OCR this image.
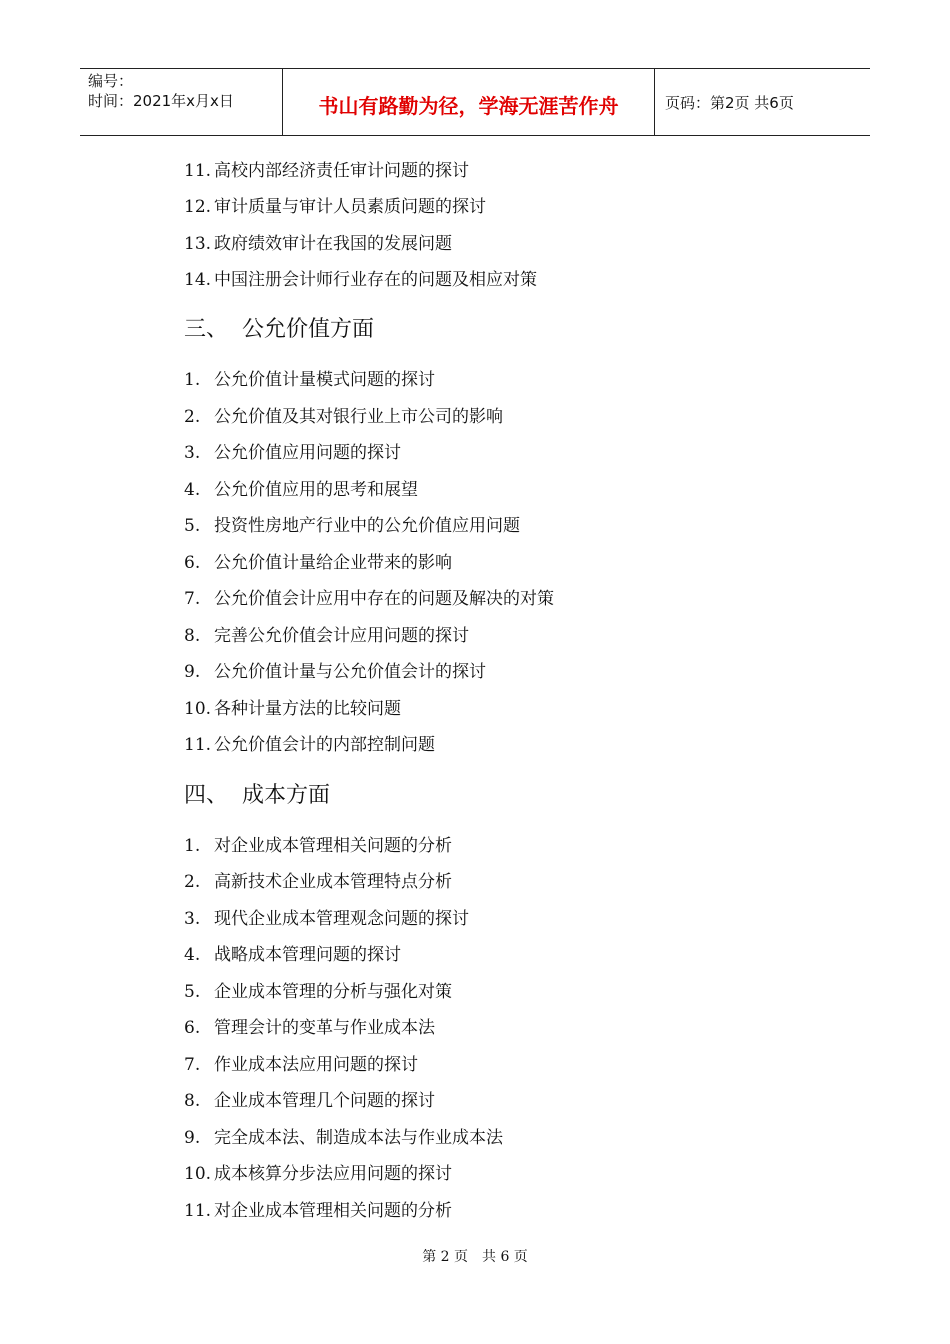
编号：
时间：2021年x月x日	书山有路勤为径，学海无涯苦作舟	页码：第2页 共6页
11. 高校内部经济责任审计问题的探讨
12. 审计质量与审计人员素质问题的探讨
13. 政府绩效审计在我国的发展问题
14. 中国注册会计师行业存在的问题及相应对策
三、 公允价值方面
1. 公允价值计量模式问题的探讨
2. 公允价值及其对银行业上市公司的影响
3. 公允价值应用问题的探讨
4. 公允价值应用的思考和展望
5. 投资性房地产行业中的公允价值应用问题
6. 公允价值计量给企业带来的影响
7. 公允价值会计应用中存在的问题及解决的对策
8. 完善公允价值会计应用问题的探讨
9. 公允价值计量与公允价值会计的探讨
10. 各种计量方法的比较问题
11. 公允价值会计的内部控制问题
四、 成本方面
1. 对企业成本管理相关问题的分析
2. 高新技术企业成本管理特点分析
3. 现代企业成本管理观念问题的探讨
4. 战略成本管理问题的探讨
5. 企业成本管理的分析与强化对策
6. 管理会计的变革与作业成本法
7. 作业成本法应用问题的探讨
8. 企业成本管理几个问题的探讨
9. 完全成本法、制造成本法与作业成本法
10. 成本核算分步法应用问题的探讨
11. 对企业成本管理相关问题的分析
第 2 页 共 6 页
